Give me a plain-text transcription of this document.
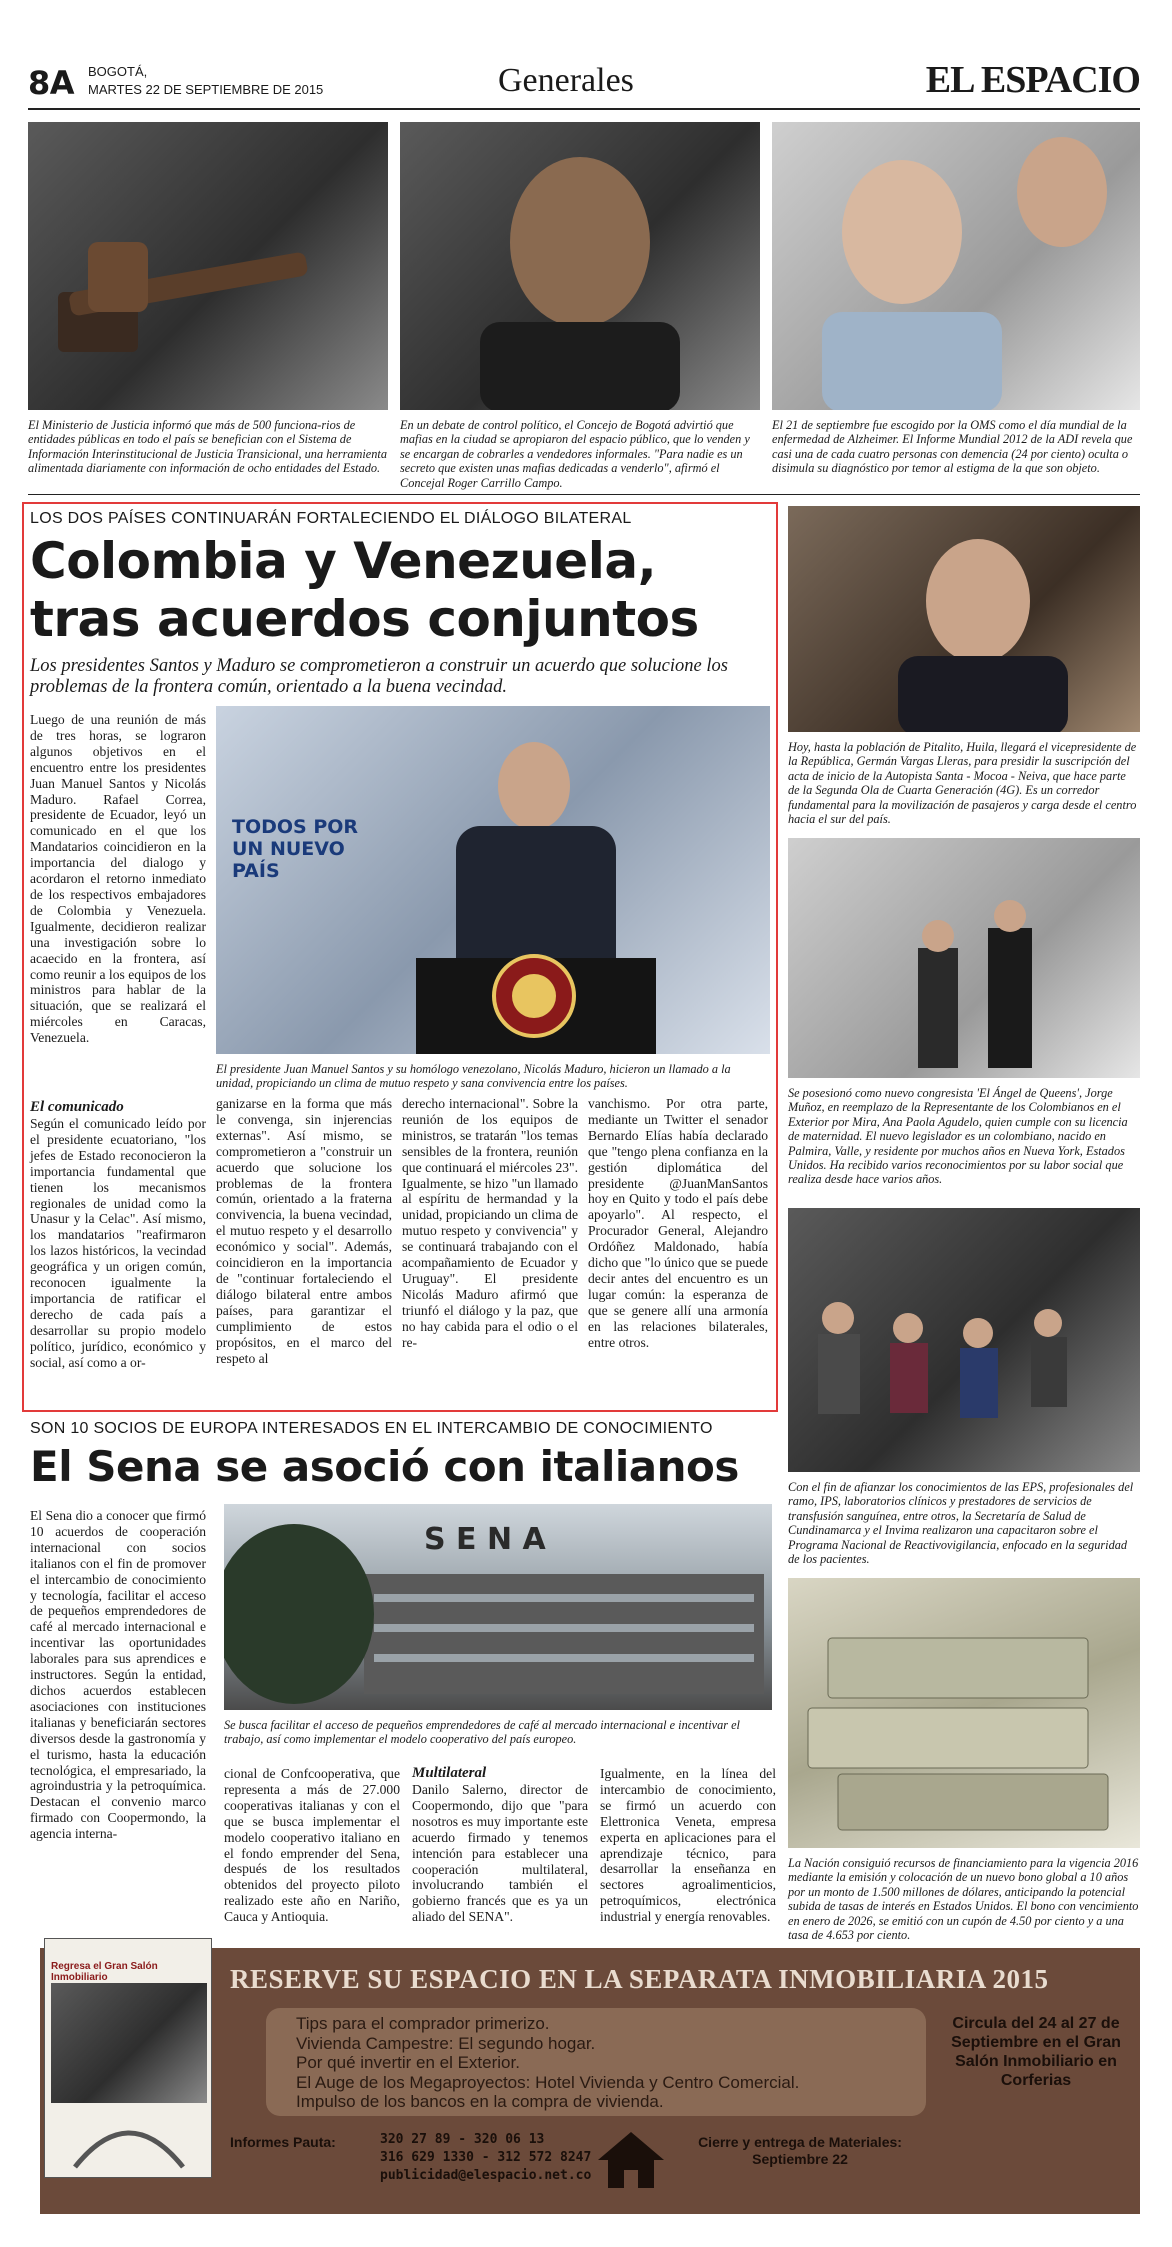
8A BOGOTÁ,
MARTES 22 DE SEPTIEMBRE DE 2015	Generales	EL ESPACIO
El Ministerio de Justicia informó que más de 500 funciona-rios de entidades públicas en todo el país se benefician con el Sistema de Información Interinstitucional de Justicia Transicional, una herramienta alimentada diariamente con información de ocho entidades del Estado.
En un debate de control político, el Concejo de Bogotá advirtió que mafias en la ciudad se apropiaron del espacio público, que lo venden y se encargan de cobrarles a vendedores informales. "Para nadie es un secreto que existen unas mafias dedicadas a venderlo", afirmó el Concejal Roger Carrillo Campo.
El 21 de septiembre fue escogido por la OMS como el día mundial de la enfermedad de Alzheimer. El Informe Mundial 2012 de la ADI revela que casi una de cada cuatro personas con demencia (24 por ciento) oculta o disimula su diagnóstico por temor al estigma de la que son objeto.
LOS DOS PAÍSES CONTINUARÁN FORTALECIENDO EL DIÁLOGO BILATERAL
Colombia y Venezuela,
tras acuerdos conjuntos
Los presidentes Santos y Maduro se comprometieron a construir un acuerdo que solucione los problemas de la frontera común, orientado a la buena vecindad.
Luego de una reunión de más de tres horas, se lograron algunos objetivos en el encuentro entre los presidentes Juan Manuel Santos y Nicolás Maduro. Rafael Correa, presidente de Ecuador, leyó un comunicado en el que los Mandatarios coincidieron en la importancia del dialogo y acordaron el retorno inmediato de los respectivos embajadores de Colombia y Venezuela. Igualmente, decidieron realizar una investigación sobre lo acaecido en la frontera, así como reunir a los equipos de los ministros para hablar de la situación, que se realizará el miércoles en Caracas, Venezuela.
TODOS POR UN NUEVO PAÍS
El presidente Juan Manuel Santos y su homólogo venezolano, Nicolás Maduro, hicieron un llamado a la unidad, propiciando un clima de mutuo respeto y sana convivencia entre los países.
El comunicado
Según el comunicado leído por el presidente ecuatoriano, "los jefes de Estado reconocieron la importancia fundamental que tienen los mecanismos regionales de unidad como la Unasur y la Celac". Así mismo, los mandatarios "reafirmaron los lazos históricos, la vecindad geográfica y un origen común, reconocen igualmente la importancia de ratificar el derecho de cada país a desarrollar su propio modelo político, jurídico, económico y social, así como a or-
ganizarse en la forma que más le convenga, sin injerencias externas". Así mismo, se comprometieron a "construir un acuerdo que solucione los problemas de la frontera común, orientado a la fraterna convivencia, la buena vecindad, el mutuo respeto y el desarrollo económico y social". Además, coincidieron en la importancia de "continuar fortaleciendo el diálogo bilateral entre ambos países, para garantizar el cumplimiento de estos propósitos, en el marco del respeto al
derecho internacional". Sobre la reunión de los equipos de ministros, se tratarán "los temas sensibles de la frontera, reunión que continuará el miércoles 23". Igualmente, se hizo "un llamado al espíritu de hermandad y la unidad, propiciando un clima de mutuo respeto y convivencia" y se continuará trabajando con el acompañamiento de Ecuador y Uruguay". El presidente Nicolás Maduro afirmó que triunfó el diálogo y la paz, que no hay cabida para el odio o el re-
vanchismo. Por otra parte, mediante un Twitter el senador Bernardo Elías había declarado que "tengo plena confianza en la gestión diplomática del presidente @JuanManSantos hoy en Quito y todo el país debe apoyarlo". Al respecto, el Procurador General, Alejandro Ordóñez Maldonado, había dicho que "lo único que se puede decir antes del encuentro es un lugar común: la esperanza de que se genere allí una armonía en las relaciones bilaterales, entre otros.
Hoy, hasta la población de Pitalito, Huila, llegará el vicepresidente de la República, Germán Vargas Lleras, para presidir la suscripción del acta de inicio de la Autopista Santa - Mocoa - Neiva, que hace parte de la Segunda Ola de Cuarta Generación (4G). Es un corredor fundamental para la movilización de pasajeros y carga desde el centro hacia el sur del país.
Se posesionó como nuevo congresista 'El Ángel de Queens', Jorge Muñoz, en reemplazo de la Representante de los Colombianos en el Exterior por Mira, Ana Paola Agudelo, quien cumple con su licencia de maternidad. El nuevo legislador es un colombiano, nacido en Palmira, Valle, y residente por muchos años en Nueva York, Estados Unidos. Ha recibido varios reconocimientos por su labor social que realiza desde hace varios años.
Con el fin de afianzar los conocimientos de las EPS, profesionales del ramo, IPS, laboratorios clínicos y prestadores de servicios de transfusión sanguínea, entre otros, la Secretaría de Salud de Cundinamarca y el Invima realizaron una capacitaron sobre el Programa Nacional de Reactivovigilancia, enfocado en la seguridad de los pacientes.
La Nación consiguió recursos de financiamiento para la vigencia 2016 mediante la emisión y colocación de un nuevo bono global a 10 años por un monto de 1.500 millones de dólares, anticipando la potencial subida de tasas de interés en Estados Unidos. El bono con vencimiento en enero de 2026, se emitió con un cupón de 4.50 por ciento y a una tasa de 4.653 por ciento.
SON 10 SOCIOS DE EUROPA INTERESADOS EN EL INTERCAMBIO DE CONOCIMIENTO
El Sena se asoció con italianos
El Sena dio a conocer que firmó 10 acuerdos de cooperación internacional con socios italianos con el fin de promover el intercambio de conocimiento y tecnología, facilitar el acceso de pequeños emprendedores de café al mercado internacional e incentivar las oportunidades laborales para sus aprendices e instructores. Según la entidad, dichos acuerdos establecen asociaciones con instituciones italianas y beneficiarán sectores diversos desde la gastronomía y el turismo, hasta la educación tecnológica, el empresariado, la agroindustria y la petroquímica. Destacan el convenio marco firmado con Coopermondo, la agencia interna-
S E N A
Se busca facilitar el acceso de pequeños emprendedores de café al mercado internacional e incentivar el trabajo, así como implementar el modelo cooperativo del país europeo.
cional de Confcooperativa, que representa a más de 27.000 cooperativas italianas y con el que se busca implementar el modelo cooperativo italiano en el fondo emprender del Sena, después de los resultados obtenidos del proyecto piloto realizado este año en Nariño, Cauca y Antioquia.
Multilateral
Danilo Salerno, director de Coopermondo, dijo que "para nosotros es muy importante este acuerdo firmado y tenemos intención para establecer una cooperación multilateral, involucrando también el gobierno francés que es ya un aliado del SENA".
Igualmente, en la línea del intercambio de conocimiento, se firmó un acuerdo con Elettronica Veneta, empresa experta en aplicaciones para el aprendizaje técnico, para desarrollar la enseñanza en sectores agroalimenticios, petroquímicos, electrónica industrial y energía renovables.
Regresa el Gran Salón Inmobiliario	RESERVE SU ESPACIO EN LA SEPARATA INMOBILIARIA 2015
Tips para el comprador primerizo.
Vivienda Campestre: El segundo hogar.
Por qué invertir en el Exterior.
El Auge de los Megaproyectos: Hotel Vivienda y Centro Comercial.
Impulso de los bancos en la compra de vivienda.
Circula del 24 al 27 de Septiembre en el Gran Salón Inmobiliario en Corferias
Informes Pauta:	320 27 89 - 320 06 13
316 629 1330 - 312 572 8247
publicidad@elespacio.net.co
Cierre y entrega de Materiales: Septiembre 22
